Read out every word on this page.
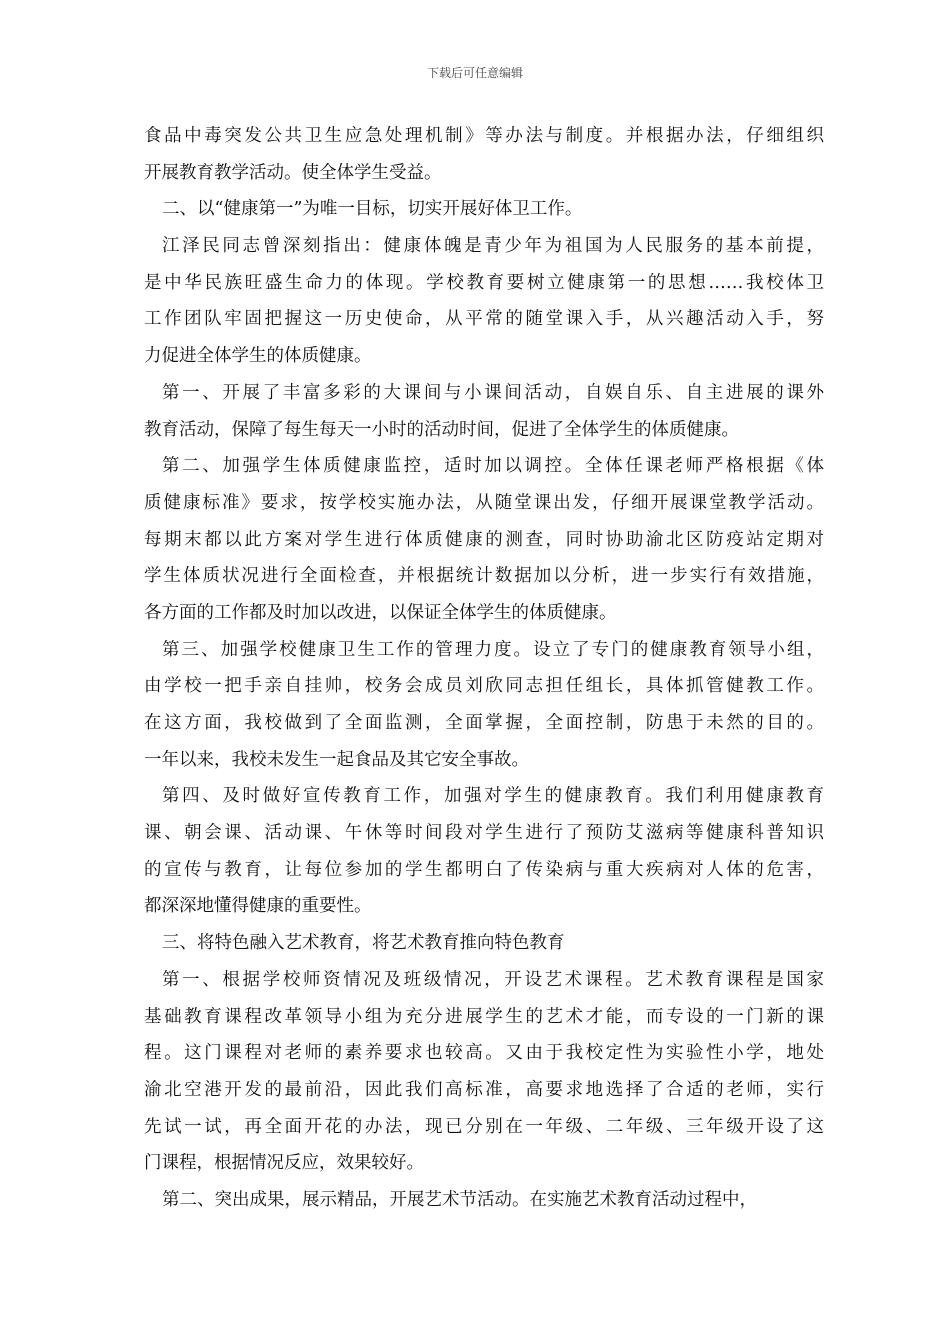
下载后可任意编辑
食品中毒突发公共卫生应急处理机制》等办法与制度。并根据办法，仔细组织
开展教育教学活动。使全体学生受益。
二、以“健康第一”为唯一目标，切实开展好体卫工作。
江泽民同志曾深刻指出：健康体魄是青少年为祖国为人民服务的基本前提，
是中华民族旺盛生命力的体现。学校教育要树立健康第一的思想……我校体卫
工作团队牢固把握这一历史使命，从平常的随堂课入手，从兴趣活动入手，努
力促进全体学生的体质健康。
第一、开展了丰富多彩的大课间与小课间活动，自娱自乐、自主进展的课外
教育活动，保障了每生每天一小时的活动时间，促进了全体学生的体质健康。
第二、加强学生体质健康监控，适时加以调控。全体任课老师严格根据《体
质健康标准》要求，按学校实施办法，从随堂课出发，仔细开展课堂教学活动。
每期末都以此方案对学生进行体质健康的测查，同时协助渝北区防疫站定期对
学生体质状况进行全面检查，并根据统计数据加以分析，进一步实行有效措施，
各方面的工作都及时加以改进，以保证全体学生的体质健康。
第三、加强学校健康卫生工作的管理力度。设立了专门的健康教育领导小组，
由学校一把手亲自挂帅，校务会成员刘欣同志担任组长，具体抓管健教工作。
在这方面，我校做到了全面监测，全面掌握，全面控制，防患于未然的目的。
一年以来，我校未发生一起食品及其它安全事故。
第四、及时做好宣传教育工作，加强对学生的健康教育。我们利用健康教育
课、朝会课、活动课、午休等时间段对学生进行了预防艾滋病等健康科普知识
的宣传与教育，让每位参加的学生都明白了传染病与重大疾病对人体的危害，
都深深地懂得健康的重要性。
三、将特色融入艺术教育，将艺术教育推向特色教育
第一、根据学校师资情况及班级情况，开设艺术课程。艺术教育课程是国家
基础教育课程改革领导小组为充分进展学生的艺术才能，而专设的一门新的课
程。这门课程对老师的素养要求也较高。又由于我校定性为实验性小学，地处
渝北空港开发的最前沿，因此我们高标准，高要求地选择了合适的老师，实行
先试一试，再全面开花的办法，现已分别在一年级、二年级、三年级开设了这
门课程，根据情况反应，效果较好。
第二、突出成果，展示精品，开展艺术节活动。在实施艺术教育活动过程中，
